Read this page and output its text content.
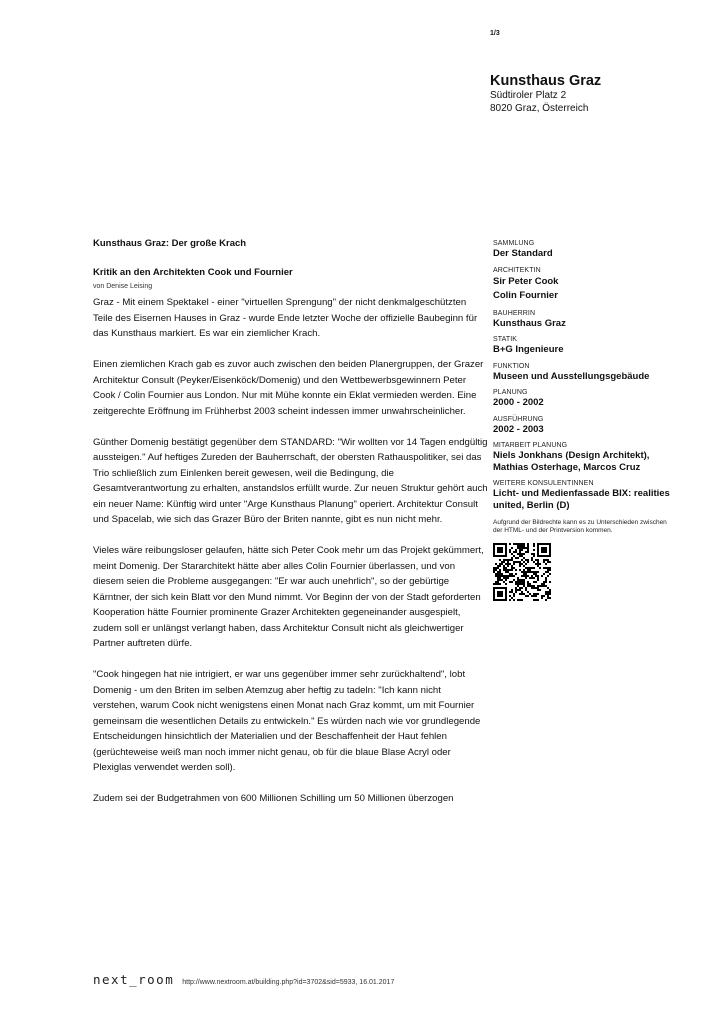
1/3
Kunsthaus Graz
Südtiroler Platz 2
8020 Graz, Österreich
Kunsthaus Graz: Der große Krach
Kritik an den Architekten Cook und Fournier
von Denise Leising

Graz - Mit einem Spektakel - einer "virtuellen Sprengung" der nicht denkmalgeschützten Teile des Eisernen Hauses in Graz - wurde Ende letzter Woche der offizielle Baubeginn für das Kunsthaus markiert. Es war ein ziemlicher Krach.

Einen ziemlichen Krach gab es zuvor auch zwischen den beiden Planergruppen, der Grazer Architektur Consult (Peyker/Eisenköck/Domenig) und den Wettbewerbsgewinnern Peter Cook / Colin Fournier aus London. Nur mit Mühe konnte ein Eklat vermieden werden. Eine zeitgerechte Eröffnung im Frühherbst 2003 scheint indessen immer unwahrscheinlicher.

Günther Domenig bestätigt gegenüber dem STANDARD: "Wir wollten vor 14 Tagen endgültig aussteigen." Auf heftiges Zureden der Bauherrschaft, der obersten Rathauspolitiker, sei das Trio schließlich zum Einlenken bereit gewesen, weil die Bedingung, die Gesamtverantwortung zu erhalten, anstandslos erfüllt wurde. Zur neuen Struktur gehört auch ein neuer Name: Künftig wird unter "Arge Kunsthaus Planung" operiert. Architektur Consult und Spacelab, wie sich das Grazer Büro der Briten nannte, gibt es nun nicht mehr.

Vieles wäre reibungsloser gelaufen, hätte sich Peter Cook mehr um das Projekt gekümmert, meint Domenig. Der Stararchitekt hätte aber alles Colin Fournier überlassen, und von diesem seien die Probleme ausgegangen: "Er war auch unehrlich", so der gebürtige Kärntner, der sich kein Blatt vor den Mund nimmt. Vor Beginn der von der Stadt geforderten Kooperation hätte Fournier prominente Grazer Architekten gegeneinander ausgespielt, zudem soll er unlängst verlangt haben, dass Architektur Consult nicht als gleichwertiger Partner auftreten dürfe.

"Cook hingegen hat nie intrigiert, er war uns gegenüber immer sehr zurückhaltend", lobt Domenig - um den Briten im selben Atemzug aber heftig zu tadeln: "Ich kann nicht verstehen, warum Cook nicht wenigstens einen Monat nach Graz kommt, um mit Fournier gemeinsam die wesentlichen Details zu entwickeln." Es würden nach wie vor grundlegende Entscheidungen hinsichtlich der Materialien und der Beschaffenheit der Haut fehlen (gerüchteweise weiß man noch immer nicht genau, ob für die blaue Blase Acryl oder Plexiglas verwendet werden soll).

Zudem sei der Budgetrahmen von 600 Millionen Schilling um 50 Millionen überzogen

SAMMLUNG
Der Standard
ARCHITEKTIN
Sir Peter Cook
Colin Fournier
BAUHERRIN
Kunsthaus Graz
STATIK
B+G Ingenieure
FUNKTION
Museen und Ausstellungsgebäude
PLANUNG
2000 - 2002
AUSFÜHRUNG
2002 - 2003
MITARBEIT PLANUNG
Niels Jonkhans (Design Architekt), Mathias Osterhage, Marcos Cruz
WEITERE KONSULENTINNEN
Licht- und Medienfassade BIX: realities united, Berlin (D)
Aufgrund der Bildrechte kann es zu Unterschieden zwischen der HTML- und der Printversion kommen.
next_room http://www.nextroom.at/building.php?id=3702&sid=5933, 16.01.2017
